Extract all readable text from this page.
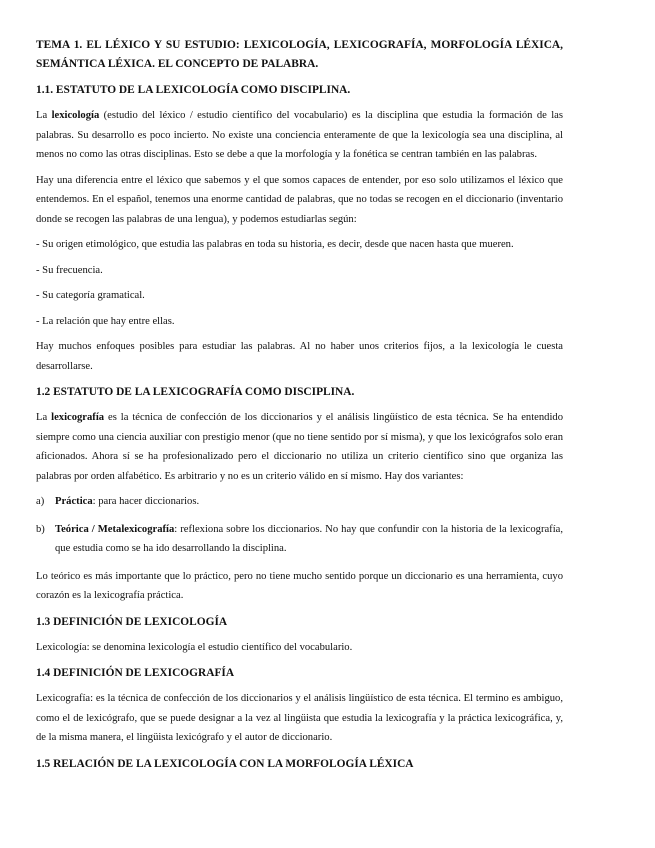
TEMA 1. EL LÉXICO Y SU ESTUDIO: LEXICOLOGÍA, LEXICOGRAFÍA, MORFOLOGÍA LÉXICA, SEMÁNTICA LÉXICA. EL CONCEPTO DE PALABRA.
1.1. ESTATUTO DE LA LEXICOLOGÍA COMO DISCIPLINA.

La lexicología (estudio del léxico / estudio científico del vocabulario) es la disciplina que estudia la formación de las palabras. Su desarrollo es poco incierto. No existe una conciencia enteramente de que la lexicología sea una disciplina, al menos no como las otras disciplinas. Esto se debe a que la morfología y la fonética se centran también en las palabras.

Hay una diferencia entre el léxico que sabemos y el que somos capaces de entender, por eso solo utilizamos el léxico que entendemos. En el español, tenemos una enorme cantidad de palabras, que no todas se recogen en el diccionario (inventario donde se recogen las palabras de una lengua), y podemos estudiarlas según:

- Su origen etimológico, que estudia las palabras en toda su historia, es decir, desde que nacen hasta que mueren.

- Su frecuencia.

- Su categoría gramatical.

- La relación que hay entre ellas.

Hay muchos enfoques posibles para estudiar las palabras. Al no haber unos criterios fijos, a la lexicología le cuesta desarrollarse.

1.2 ESTATUTO DE LA LEXICOGRAFÍA COMO DISCIPLINA.

La lexicografía es la técnica de confección de los diccionarios y el análisis lingüístico de esta técnica. Se ha entendido siempre como una ciencia auxiliar con prestigio menor (que no tiene sentido por sí misma), y que los lexicógrafos solo eran aficionados. Ahora sí se ha profesionalizado pero el diccionario no utiliza un criterio científico sino que organiza las palabras por orden alfabético. Es arbitrario y no es un criterio válido en sí mismo. Hay dos variantes:

a)	Práctica: para hacer diccionarios.
b) Teórica / Metalexicografía: reflexiona sobre los diccionarios. No hay que confundir con la historia de la lexicografía, que estudia como se ha ido desarrollando la disciplina.

Lo teórico es más importante que lo práctico, pero no tiene mucho sentido porque un diccionario es una herramienta, cuyo corazón es la lexicografía práctica.

1.3 DEFINICIÓN DE LEXICOLOGÍA

Lexicología: se denomina lexicología el estudio científico del vocabulario.

1.4 DEFINICIÓN DE LEXICOGRAFÍA

Lexicografía: es la técnica de confección de los diccionarios y el análisis lingüístico de esta técnica. El termino es ambiguo, como el de lexicógrafo, que se puede designar a la vez al lingüista que estudia la lexicografía y la práctica lexicográfica, y, de la misma manera, el lingüista lexicógrafo y el autor de diccionario.

1.5 RELACIÓN DE LA LEXICOLOGÍA CON LA MORFOLOGÍA LÉXICA
